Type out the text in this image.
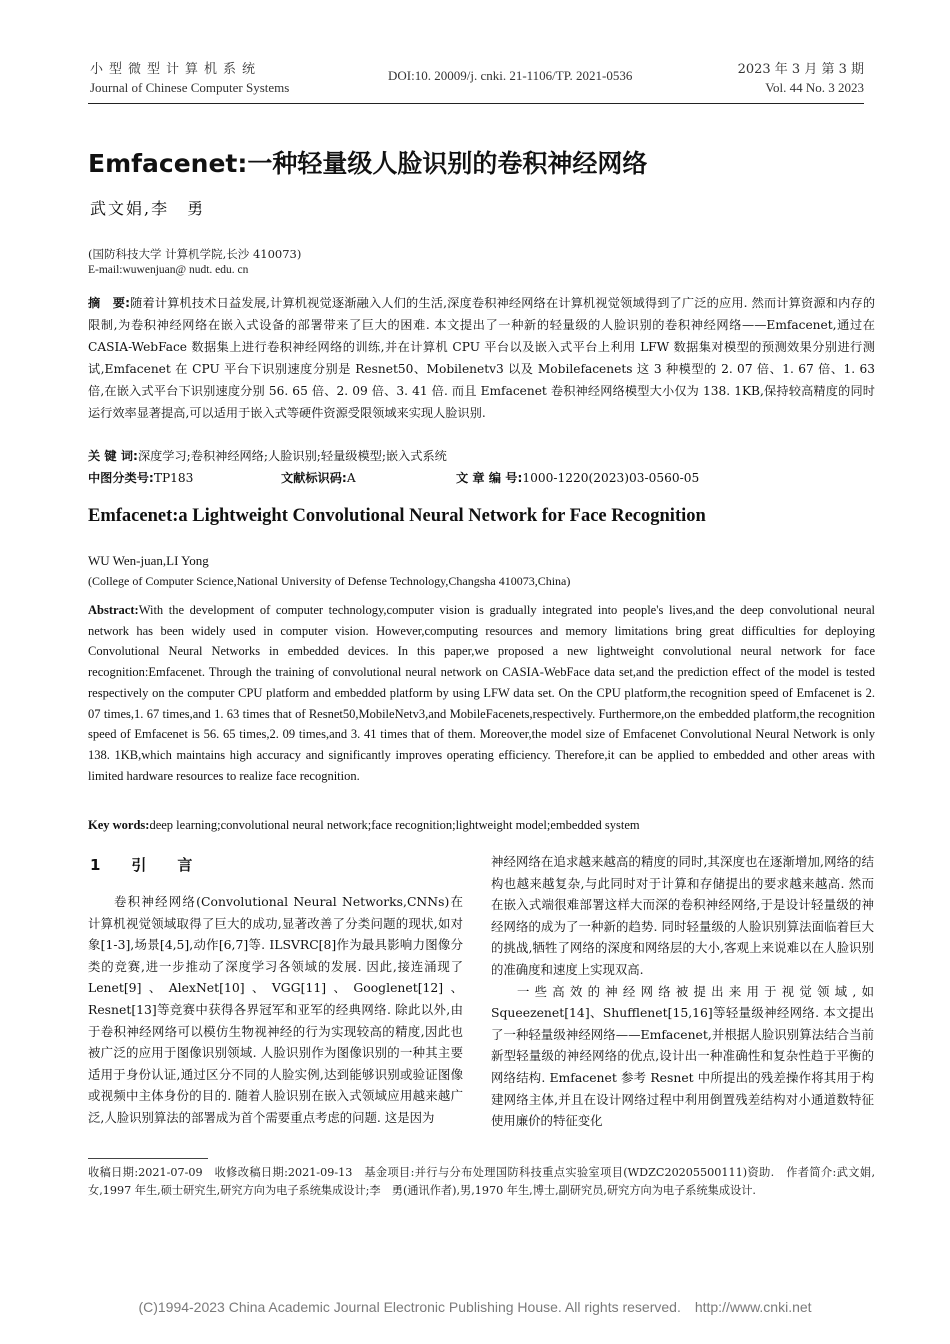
小型微型计算机系统
Journal of Chinese Computer Systems
DOI:10. 20009/j. cnki. 21-1106/TP. 2021-0536	2023 年 3 月 第 3 期
Vol. 44 No. 3 2023
Emfacenet:一种轻量级人脸识别的卷积神经网络
武文娟,李　勇
(国防科技大学 计算机学院,长沙 410073)
E-mail:wuwenjuan@ nudt. edu. cn
摘　要:随着计算机技术日益发展,计算机视觉逐渐融入人们的生活,深度卷积神经网络在计算机视觉领域得到了广泛的应用. 然而计算资源和内存的限制,为卷积神经网络在嵌入式设备的部署带来了巨大的困难. 本文提出了一种新的轻量级的人脸识别的卷积神经网络——Emfacenet,通过在 CASIA-WebFace 数据集上进行卷积神经网络的训练,并在计算机 CPU 平台以及嵌入式平台上利用 LFW 数据集对模型的预测效果分别进行测试,Emfacenet 在 CPU 平台下识别速度分别是 Resnet50、Mobilenetv3 以及 Mobilefacenets 这 3 种模型的 2. 07 倍、1. 67 倍、1. 63 倍,在嵌入式平台下识别速度分别 56. 65 倍、2. 09 倍、3. 41 倍. 而且 Emfacenet 卷积神经网络模型大小仅为 138. 1KB,保持较高精度的同时运行效率显著提高,可以适用于嵌入式等硬件资源受限领域来实现人脸识别.
关 键 词:深度学习;卷积神经网络;人脸识别;轻量级模型;嵌入式系统
中图分类号:TP183	文献标识码:A	文 章 编 号:1000-1220(2023)03-0560-05
Emfacenet:a Lightweight Convolutional Neural Network for Face Recognition
WU Wen-juan,LI Yong
(College of Computer Science,National University of Defense Technology,Changsha 410073,China)
Abstract:With the development of computer technology,computer vision is gradually integrated into people's lives,and the deep convolutional neural network has been widely used in computer vision. However,computing resources and memory limitations bring great difficulties for deploying Convolutional Neural Networks in embedded devices. In this paper,we proposed a new lightweight convolutional neural network for face recognition:Emfacenet. Through the training of convolutional neural network on CASIA-WebFace data set,and the prediction effect of the model is tested respectively on the computer CPU platform and embedded platform by using LFW data set. On the CPU platform,the recognition speed of Emfacenet is 2. 07 times,1. 67 times,and 1. 63 times that of Resnet50,MobileNetv3,and MobileFacenets,respectively. Furthermore,on the embedded platform,the recognition speed of Emfacenet is 56. 65 times,2. 09 times,and 3. 41 times that of them. Moreover,the model size of Emfacenet Convolutional Neural Network is only 138. 1KB,which maintains high accuracy and significantly improves operating efficiency. Therefore,it can be applied to embedded and other areas with limited hardware resources to realize face recognition.
Key words:deep learning;convolutional neural network;face recognition;lightweight model;embedded system
1　引　言
卷积神经网络(Convolutional Neural Networks,CNNs)在计算机视觉领域取得了巨大的成功,显著改善了分类问题的现状,如对象[1-3],场景[4,5],动作[6,7]等. ILSVRC[8]作为最具影响力图像分类的竞赛,进一步推动了深度学习各领域的发展. 因此,接连涌现了 Lenet[9]、AlexNet[10]、VGG[11]、Googlenet[12]、Resnet[13]等竞赛中获得各界冠军和亚军的经典网络. 除此以外,由于卷积神经网络可以模仿生物视神经的行为实现较高的精度,因此也被广泛的应用于图像识别领域. 人脸识别作为图像识别的一种其主要适用于身份认证,通过区分不同的人脸实例,达到能够识别或验证图像或视频中主体身份的目的. 随着人脸识别在嵌入式领域应用越来越广泛,人脸识别算法的部署成为首个需要重点考虑的问题. 这是因为

神经网络在追求越来越高的精度的同时,其深度也在逐渐增加,网络的结构也越来越复杂,与此同时对于计算和存储提出的要求越来越高. 然而在嵌入式端很难部署这样大而深的卷积神经网络,于是设计轻量级的神经网络的成为了一种新的趋势. 同时轻量级的人脸识别算法面临着巨大的挑战,牺牲了网络的深度和网络层的大小,客观上来说难以在人脸识别的准确度和速度上实现双高.

一些高效的神经网络被提出来用于视觉领域,如 Squeezenet[14]、Shufflenet[15,16]等轻量级神经网络. 本文提出了一种轻量级神经网络——Emfacenet,并根据人脸识别算法结合当前新型轻量级的神经网络的优点,设计出一种准确性和复杂性趋于平衡的网络结构. Emfacenet 参考 Resnet 中所提出的残差操作将其用于构建网络主体,并且在设计网络过程中利用倒置残差结构对小通道数特征使用廉价的特征变化

收稿日期:2021-07-09　收修改稿日期:2021-09-13　基金项目:并行与分布处理国防科技重点实验室项目(WDZC20205500111)资助.　作者简介:武文娟,女,1997 年生,硕士研究生,研究方向为电子系统集成设计;李　勇(通讯作者),男,1970 年生,博士,副研究员,研究方向为电子系统集成设计.
(C)1994-2023 China Academic Journal Electronic Publishing House. All rights reserved.　http://www.cnki.net
